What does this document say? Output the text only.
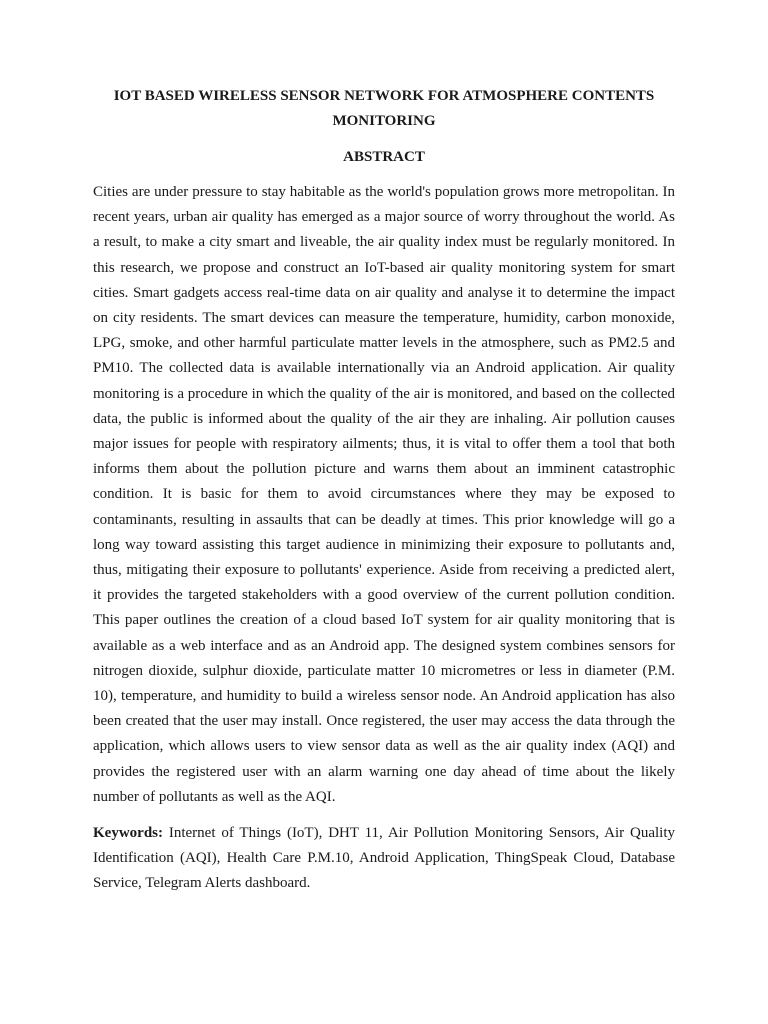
IOT BASED WIRELESS SENSOR NETWORK FOR ATMOSPHERE CONTENTS MONITORING
ABSTRACT

Cities are under pressure to stay habitable as the world's population grows more metropolitan. In recent years, urban air quality has emerged as a major source of worry throughout the world. As a result, to make a city smart and liveable, the air quality index must be regularly monitored. In this research, we propose and construct an IoT-based air quality monitoring system for smart cities. Smart gadgets access real-time data on air quality and analyse it to determine the impact on city residents. The smart devices can measure the temperature, humidity, carbon monoxide, LPG, smoke, and other harmful particulate matter levels in the atmosphere, such as PM2.5 and PM10. The collected data is available internationally via an Android application. Air quality monitoring is a procedure in which the quality of the air is monitored, and based on the collected data, the public is informed about the quality of the air they are inhaling. Air pollution causes major issues for people with respiratory ailments; thus, it is vital to offer them a tool that both informs them about the pollution picture and warns them about an imminent catastrophic condition. It is basic for them to avoid circumstances where they may be exposed to contaminants, resulting in assaults that can be deadly at times. This prior knowledge will go a long way toward assisting this target audience in minimizing their exposure to pollutants and, thus, mitigating their exposure to pollutants' experience. Aside from receiving a predicted alert, it provides the targeted stakeholders with a good overview of the current pollution condition. This paper outlines the creation of a cloud based IoT system for air quality monitoring that is available as a web interface and as an Android app. The designed system combines sensors for nitrogen dioxide, sulphur dioxide, particulate matter 10 micrometres or less in diameter (P.M. 10), temperature, and humidity to build a wireless sensor node. An Android application has also been created that the user may install. Once registered, the user may access the data through the application, which allows users to view sensor data as well as the air quality index (AQI) and provides the registered user with an alarm warning one day ahead of time about the likely number of pollutants as well as the AQI.

Keywords: Internet of Things (IoT), DHT 11, Air Pollution Monitoring Sensors, Air Quality Identification (AQI), Health Care P.M.10, Android Application, ThingSpeak Cloud, Database Service, Telegram Alerts dashboard.
